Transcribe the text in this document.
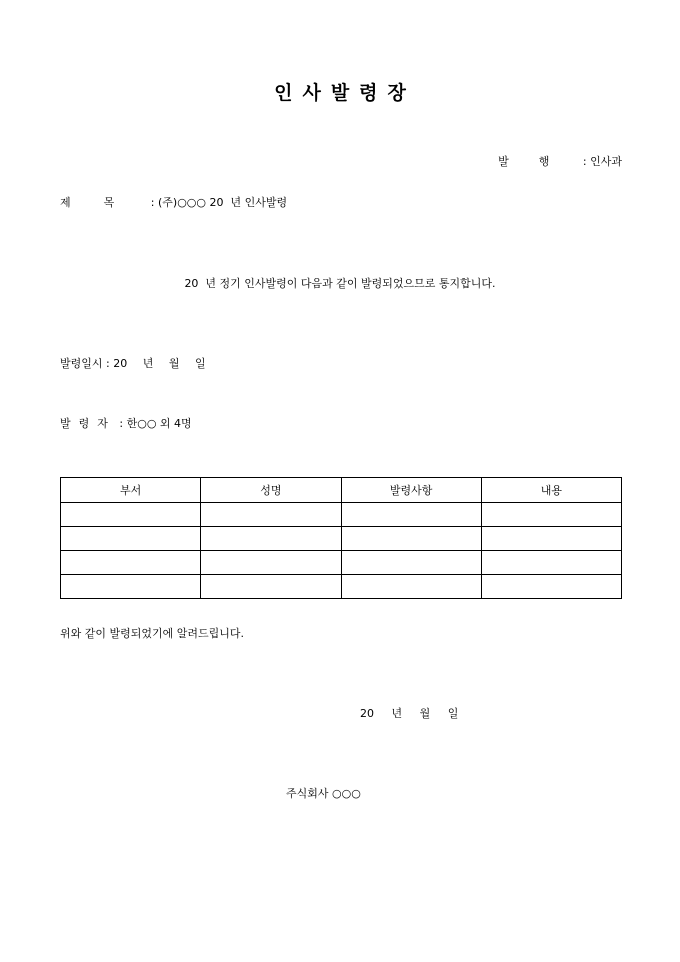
인사발령장
발행 : 인사과
제목 : (주)○○○ 20  년 인사발령
20  년 정기 인사발령이 다음과 같이 발령되었으므로 통지합니다.
발령일시 : 20 년 월 일
발령자 : 한○○ 외 4명
부서	성명	발령사항	내용

위와 같이 발령되었기에 알려드립니다.
20 년 월 일
주식회사 ○○○
